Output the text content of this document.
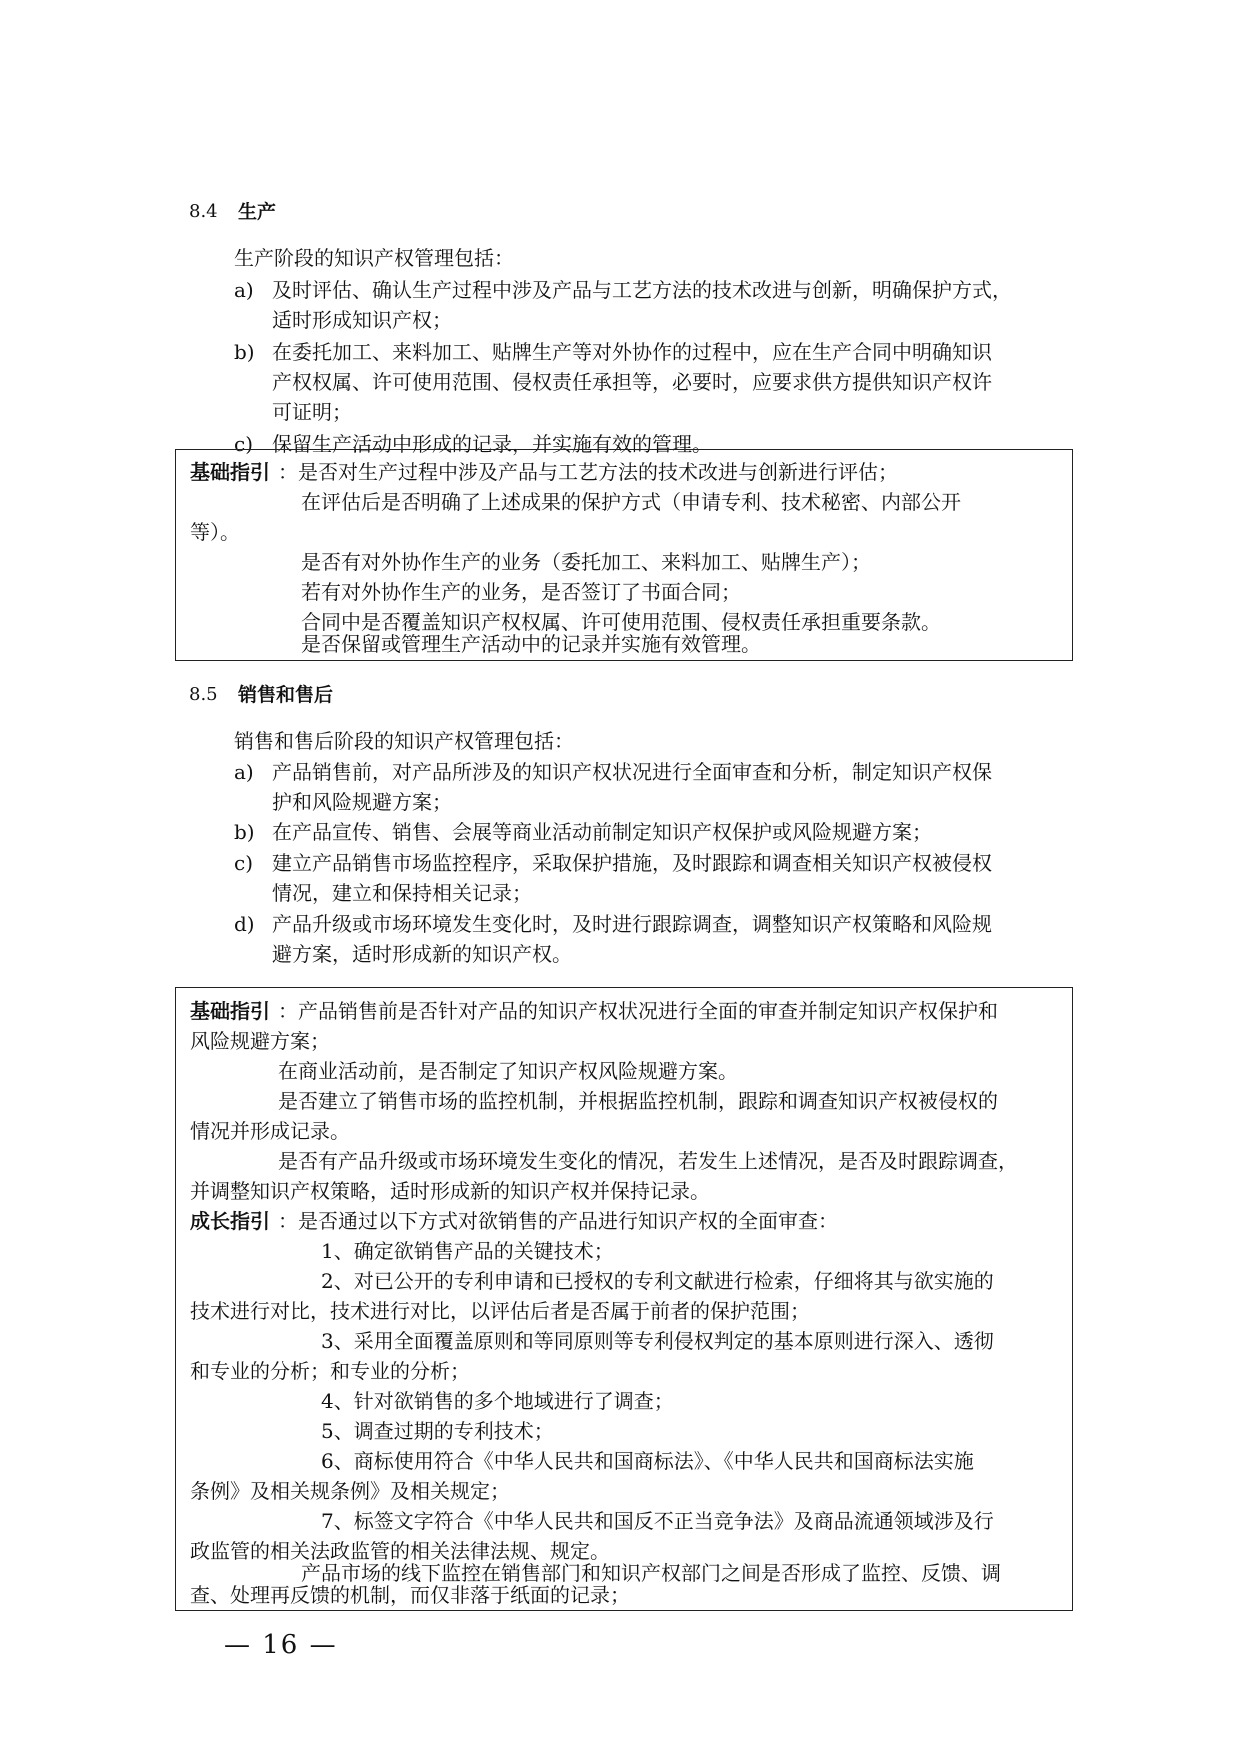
8.4 生产
生产阶段的知识产权管理包括：
a) 及时评估、确认生产过程中涉及产品与工艺方法的技术改进与创新，明确保护方式，
适时形成知识产权；
b) 在委托加工、来料加工、贴牌生产等对外协作的过程中，应在生产合同中明确知识
产权权属、许可使用范围、侵权责任承担等，必要时，应要求供方提供知识产权许
可证明；
c) 保留生产活动中形成的记录，并实施有效的管理。
基础指引 ：是否对生产过程中涉及产品与工艺方法的技术改进与创新进行评估；
在评估后是否明确了上述成果的保护方式（申请专利、技术秘密、内部公开
等）。
是否有对外协作生产的业务（委托加工、来料加工、贴牌生产）；
若有对外协作生产的业务，是否签订了书面合同；
合同中是否覆盖知识产权权属、许可使用范围、侵权责任承担重要条款。
是否保留或管理生产活动中的记录并实施有效管理。
8.5 销售和售后
销售和售后阶段的知识产权管理包括：
a) 产品销售前，对产品所涉及的知识产权状况进行全面审查和分析，制定知识产权保
护和风险规避方案；
b) 在产品宣传、销售、会展等商业活动前制定知识产权保护或风险规避方案；
c) 建立产品销售市场监控程序，采取保护措施，及时跟踪和调查相关知识产权被侵权
情况，建立和保持相关记录；
d) 产品升级或市场环境发生变化时，及时进行跟踪调查，调整知识产权策略和风险规
避方案，适时形成新的知识产权。
基础指引 ：产品销售前是否针对产品的知识产权状况进行全面的审查并制定知识产权保护和
风险规避方案；
在商业活动前，是否制定了知识产权风险规避方案。
是否建立了销售市场的监控机制，并根据监控机制，跟踪和调查知识产权被侵权的
情况并形成记录。
是否有产品升级或市场环境发生变化的情况，若发生上述情况，是否及时跟踪调查，
并调整知识产权策略，适时形成新的知识产权并保持记录。
成长指引 ：是否通过以下方式对欲销售的产品进行知识产权的全面审查：
1、确定欲销售产品的关键技术；
2、对已公开的专利申请和已授权的专利文献进行检索，仔细将其与欲实施的
技术进行对比，技术进行对比，以评估后者是否属于前者的保护范围；
3、采用全面覆盖原则和等同原则等专利侵权判定的基本原则进行深入、透彻
和专业的分析；和专业的分析；
4、针对欲销售的多个地域进行了调查；
5、调查过期的专利技术；
6、商标使用符合《中华人民共和国商标法》、《中华人民共和国商标法实施
条例》及相关规条例》及相关规定；
7、标签文字符合《中华人民共和国反不正当竞争法》及商品流通领域涉及行
政监管的相关法政监管的相关法律法规、规定。
产品市场的线下监控在销售部门和知识产权部门之间是否形成了监控、反馈、调
查、处理再反馈的机制，而仅非落于纸面的记录；
— 16 —
